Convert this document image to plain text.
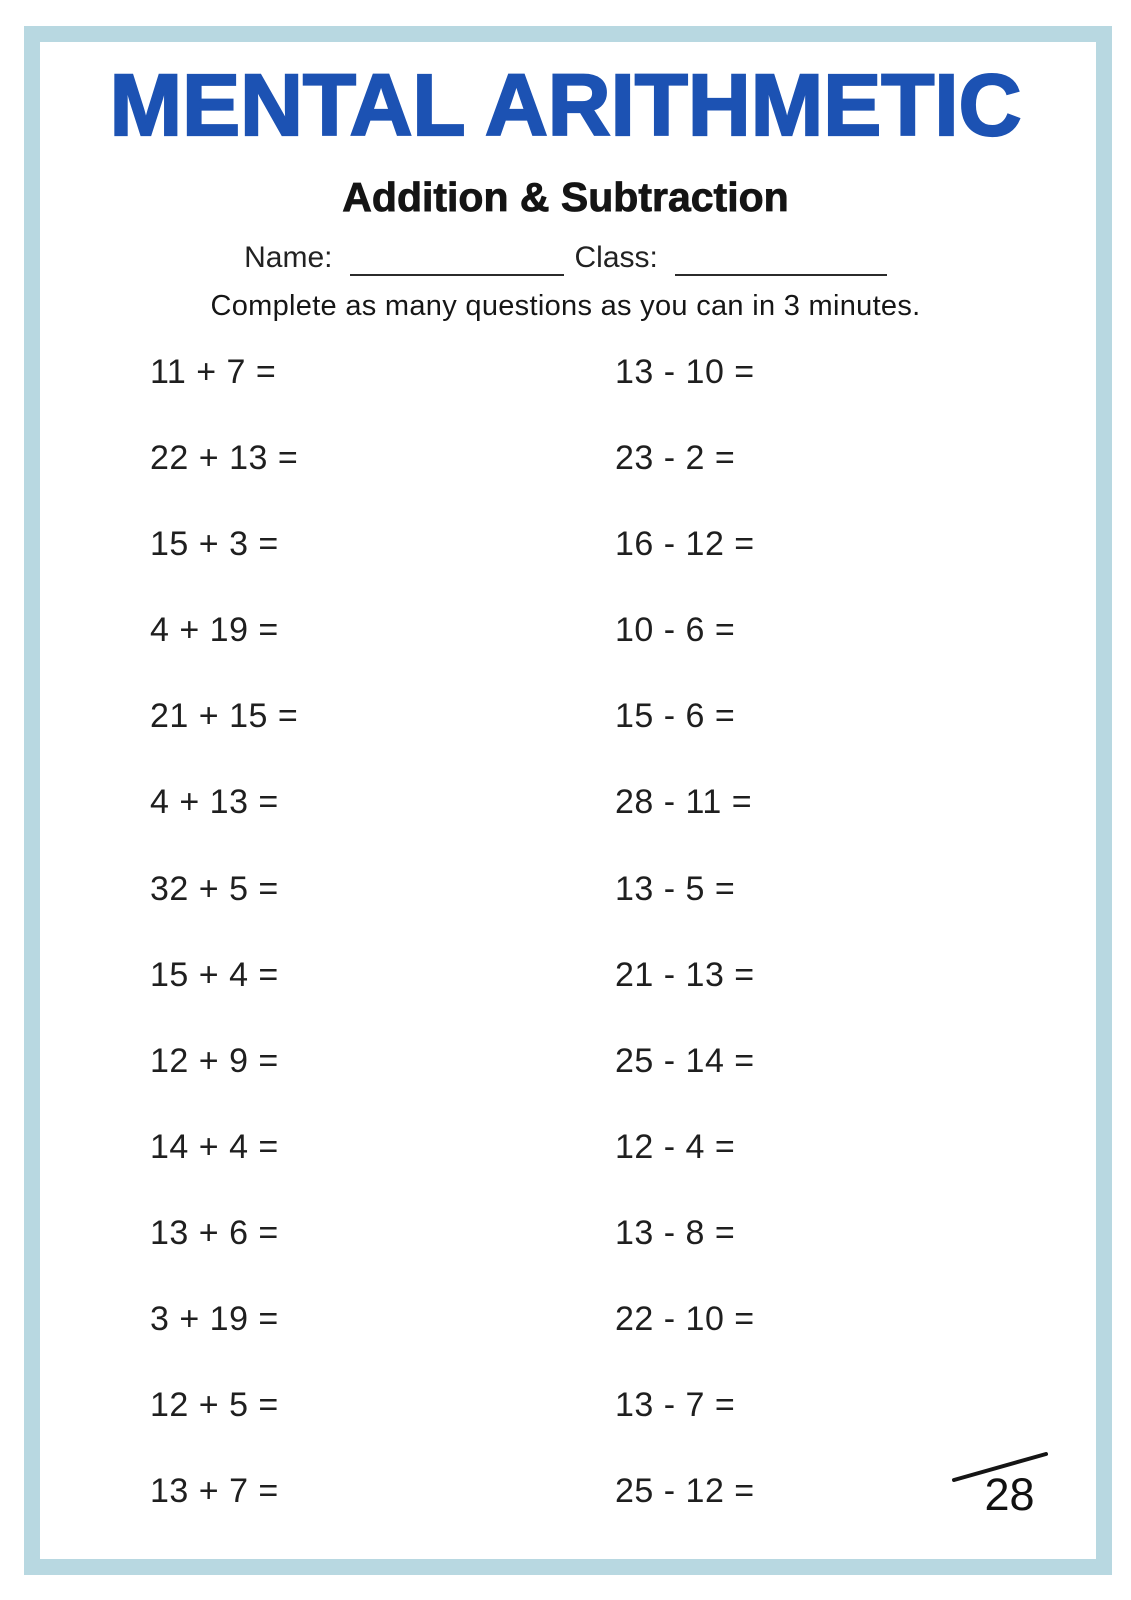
MENTAL ARITHMETIC
Addition & Subtraction
Name:	Class:
Complete as many questions as you can in 3 minutes.
11 + 7 =	13 - 10 =
22 + 13 =	23 - 2 =
15 + 3 =	16 - 12 =
4 + 19 =	10 - 6 =
21 + 15 =	15 - 6 =
4 + 13 =	28 - 11 =
32 + 5 =	13 - 5 =
15 + 4 =	21 - 13 =
12 + 9 =	25 - 14 =
14 + 4 =	12 - 4 =
13 + 6 =	13 - 8 =
3 + 19 =	22 - 10 =
12 + 5 =	13 - 7 =
13 + 7 =	25 - 12 =	28
